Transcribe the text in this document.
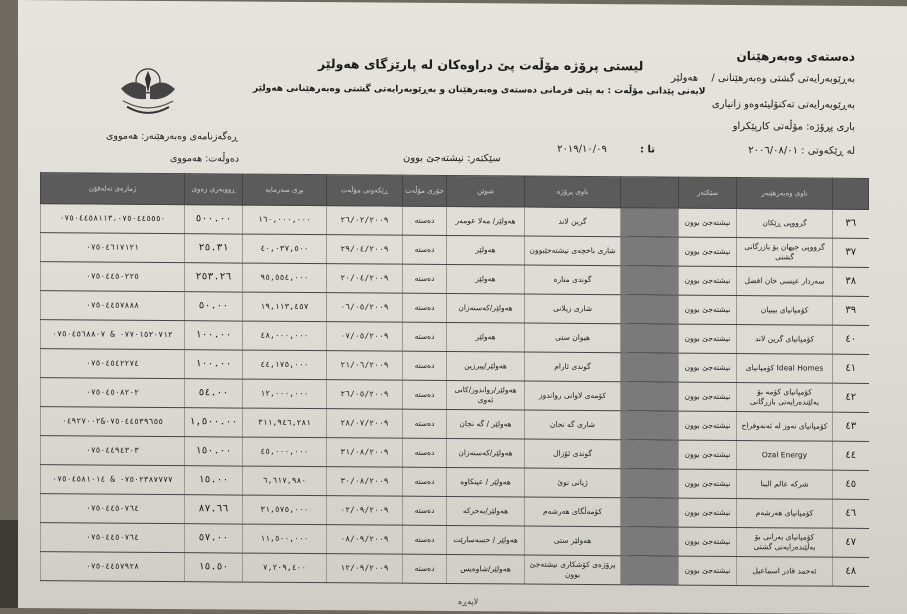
دەستەی وەبەرهێنان
بەڕێوبەرایەتی گشتی وەبەرهێنانی / هەولێر
بەڕێوبەرایەتی تەکنۆلیئەوەو زانیاری
باری پڕۆژە: مۆڵەتی کارپێکراو
لە ڕێکەوتی : ٢٠٠٦/٠٨/٠١ تا : ٢٠١٩/١٠/٠٩
لیستی پرۆژە مۆڵەت پێ دراوەکان لە پارێزگای هەولێر
لایەنی پێدانی مۆڵەت : بە پێی فرمانی دەستەی وەبەرهێنان و بەڕێوبەرایەتی گشتی وەبەرهێنانی هەولێر
سێکتەر: نیشتەجێ بوون
ڕەگەزنامەی وەبەرهێنەر: هەمووی
دەوڵەت: هەمووی
	ناوی وەبەرهێنەر	سێکتەر		ناوی پرۆژە	شوێن	جۆری مۆڵەت	ڕێکەوتی مۆڵەت	بڕی سەرمایە	ڕووبەری زەوی	ژمارەی تەلەفۆن
٣٦	گرووپی ڕێکان	نیشتەجێ بوون		گرین لاند	هەولێر/ مەلا عومەر	دەستە	٢٦/٠٢/٢٠٠٩	١٦٠,٠٠٠,٠٠٠	٥٠٠.٠٠	٠٧٥٠٤٤٥٨١١٣،٠٧٥٠٤٤٥٥٥٠
٣٧	گرووپی جیهان بۆ بازرگانی گشتی	نیشتەجێ بوون		شاری باخچەی نیشتەجێبوون	هەولێر	دەستە	٢٩/٠٤/٢٠٠٩	٤٠,٠٣٧,٥٠٠	٢٥.٣١	٠٧٥٠٤٦١٧١٢١
٣٨	سەردار عیسی خان افضل	نیشتەجێ بوون		گوندی منارە	هەولێر	دەستە	٢٠/٠٤/٢٠٠٩	٩٥,٥٥٤,٠٠٠	٢٥٣.٢٦	٠٧٥٠٤٤٥٠٢٢٥
٣٩	کۆمپانیای بیبیان	نیشتەجێ بوون		شاری زیلانی	هەولێر/کەسنەزان	دەستە	٠٦/٠٥/٢٠٠٩	١٩,١١٣,٤٥٧	٥٠.٠٠	٠٧٥٠٤٤٥٧٨٨٨
٤٠	کۆمپانیای گرین لاند	نیشتەجێ بوون		هیوان ستی	هەولێر	دەستە	٠٧/٠٥/٢٠٠٩	٤٨,٠٠٠,٠٠٠	١٠٠.٠٠	٠٧٧٠١٥٢٠٧١٢ & ٠٧٥٠٤٥٦٨٨٠٧
٤١	Ideal Homes کۆمپانیای	نیشتەجێ بوون		گوندی ئارام	هەولێر/پیرزین	دەستە	٢١/٠٦/٢٠٠٩	٤٤,١٧٥,٠٠٠	١٠٠.٠٠	٠٧٥٠٤٥٤٢٢٧٤
٤٢	کۆمپانیای کۆمە بۆ بەلێندەرایەتی بازرگانی	نیشتەجێ بوون		کۆمەی لاوانی رواندوز	هەولێر/رواندوز/کانی ئەوی	دەستە	٢٦/٠٥/٢٠٠٩	١٢,٠٠٠,٠٠٠	٥٤.٠٠	٠٧٥٠٤٥٠٨٢٠٢
٤٣	کۆمپانیای نەوز لە ئەنەوفراح	نیشتەجێ بوون		شاری گە نجان	هەولێر / گە نجان	دەستە	٢٨/٠٧/٢٠٠٩	٣١١,٩٤٦,٢٨١	١,٥٠٠.٠٠	٠٧٥٠٤٤٥٣٩٦٥٥&٠٤٩٢٧٠٠٢
٤٤	Ozal Energy	نیشتەجێ بوون		گوندی ئۆزال	هەولێر/کەسنەزان	دەستە	٣١/٠٨/٢٠٠٩	٤٥,٠٠٠,٠٠٠	١٥٠.٠٠	٠٧٥٠٤٤٩٤٣٠٣
٤٥	شرکە عالم البنا	نیشتەجێ بوون		ژیانی نوێ	هەولێر / عینکاوە	دەستە	٣٠/٠٨/٢٠٠٩	٦,٦١٧,٩٨٠	١٥.٠٠	٠٧٥٠٢٣٨٧٧٧٧ & ٠٧٥٠٤٥٨١٠١٤
٤٦	کۆمپانیای هەرشەم	نیشتەجێ بوون		کۆمەڵگای هەرشەم	هەولێر/بەحرکە	دەستە	٠٢/٠٩/٢٠٠٩	٣١,٥٧٥,٠٠٠	٨٧.٦٦	٠٧٥٠٤٤٥٠٧٦٤
٤٧	کۆمپانیای بەرانی بۆ بەڵێندەرایەتی گشتی	نیشتەجێ بوون		هەولێر ستی	هەولێر / حسەسارێت	دەستە	٠٨/٠٩/٢٠٠٩	١١,٥٠٠,٠٠٠	٥٧.٠٠	٠٧٥٠٤٤٥٠٧٦٤
٤٨	ئەحمد قادر اسماعیل	نیشتەجێ بوون		پرۆژەی کۆشکاری نیشتەجێ بوون	هەولێر/شاوەیس	دەستە	١٢/٠٩/٢٠٠٩	٧,٢٠٩,٤٠٠	١٥.٥٠	٠٧٥٠٤٤٥٧٩٢٨
لاپەڕە
